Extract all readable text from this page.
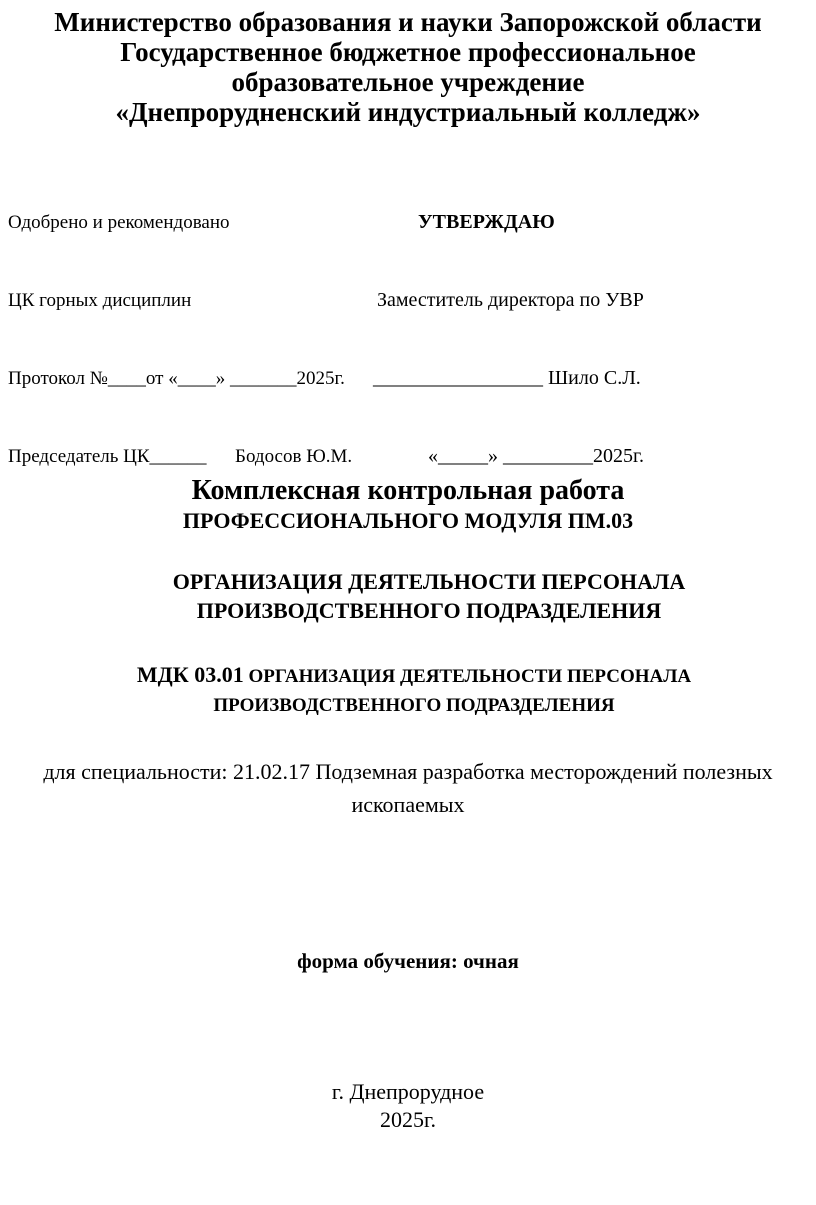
Министерство образования и науки Запорожской области
Государственное бюджетное профессиональное
образовательное учреждение
«Днепрорудненский индустриальный колледж»

Одобрено и рекомендовано

ЦК горных дисциплин

Протокол №____от «____» _______2025г.

Председатель ЦК______      Бодосов Ю.М.

УТВЕРЖДАЮ

Заместитель директора по УВР

_________________ Шило С.Л.

«_____» _________2025г.

Комплексная контрольная работа
ПРОФЕССИОНАЛЬНОГО МОДУЛЯ ПМ.03
ОРГАНИЗАЦИЯ ДЕЯТЕЛЬНОСТИ ПЕРСОНАЛА
ПРОИЗВОДСТВЕННОГО ПОДРАЗДЕЛЕНИЯ
МДК 03.01 ОРГАНИЗАЦИЯ ДЕЯТЕЛЬНОСТИ ПЕРСОНАЛА
ПРОИЗВОДСТВЕННОГО ПОДРАЗДЕЛЕНИЯ
для специальности: 21.02.17 Подземная разработка месторождений полезных
ископаемых
форма обучения: очная
г. Днепрорудное
2025г.
